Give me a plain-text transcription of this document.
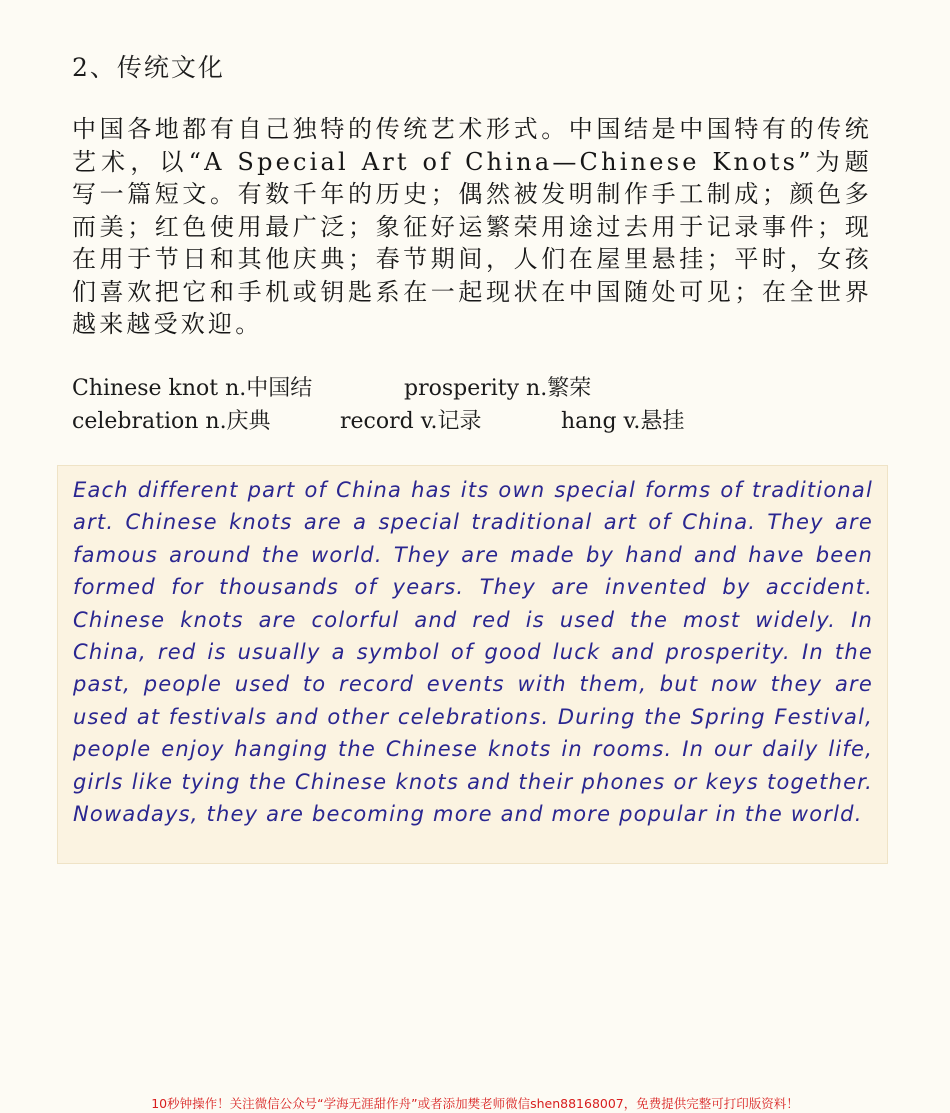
2、传统文化

中国各地都有自己独特的传统艺术形式。中国结是中国特有的传统艺术，以“A Special Art of China—Chinese Knots”为题写一篇短文。有数千年的历史；偶然被发明制作手工制成；颜色多而美；红色使用最广泛；象征好运繁荣用途过去用于记录事件；现在用于节日和其他庆典；春节期间，人们在屋里悬挂；平时，女孩们喜欢把它和手机或钥匙系在一起现状在中国随处可见；在全世界越来越受欢迎。

Chinese knot n.中国结	prosperity n.繁荣
celebration n.庆典	record v.记录	hang v.悬挂

Each different part of China has its own special forms of traditional art. Chinese knots are a special traditional art of China. They are famous around the world. They are made by hand and have been formed for thousands of years. They are invented by accident. Chinese knots are colorful and red is used the most widely. In China, red is usually a symbol of good luck and prosperity. In the past, people used to record events with them, but now they are used at festivals and other celebrations. During the Spring Festival, people enjoy hanging the Chinese knots in rooms. In our daily life, girls like tying the Chinese knots and their phones or keys together. Nowadays, they are becoming more and more popular in the world.

10秒钟操作！关注微信公众号“学海无涯甜作舟”或者添加樊老师微信shen88168007，免费提供完整可打印版资料！
